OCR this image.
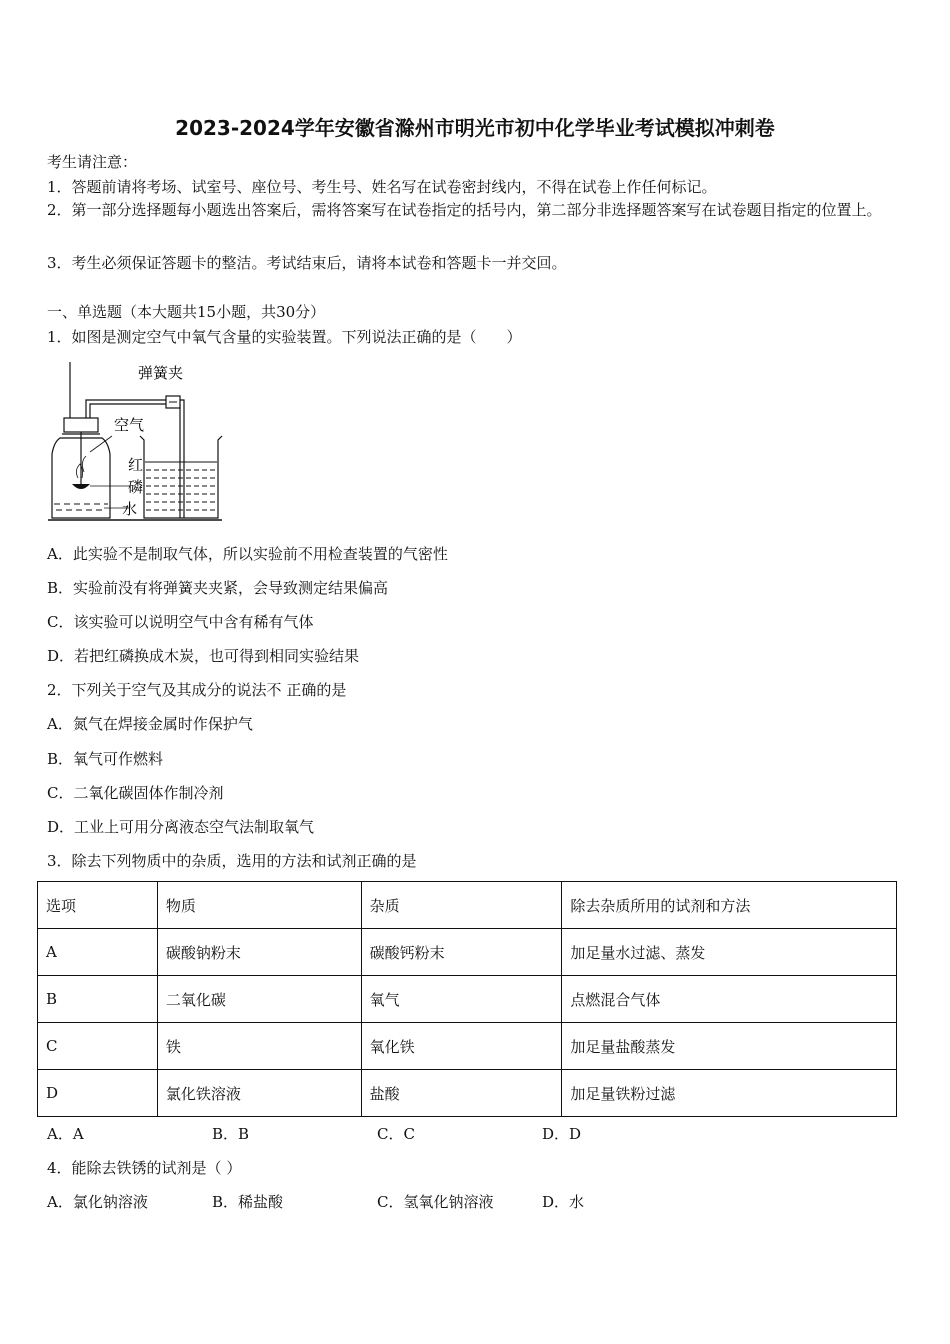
2023-2024学年安徽省滁州市明光市初中化学毕业考试模拟冲刺卷
考生请注意：
1．答题前请将考场、试室号、座位号、考生号、姓名写在试卷密封线内，不得在试卷上作任何标记。
2．第一部分选择题每小题选出答案后，需将答案写在试卷指定的括号内，第二部分非选择题答案写在试卷题目指定的位置上。
3．考生必须保证答题卡的整洁。考试结束后，请将本试卷和答题卡一并交回。
一、单选题（本大题共15小题，共30分）
1．如图是测定空气中氧气含量的实验装置。下列说法正确的是（　　）
弹簧夹
空气
红
磷
水
A．此实验不是制取气体，所以实验前不用检查装置的气密性
B．实验前没有将弹簧夹夹紧，会导致测定结果偏高
C．该实验可以说明空气中含有稀有气体
D．若把红磷换成木炭，也可得到相同实验结果
2．下列关于空气及其成分的说法不 正确的是
A．氮气在焊接金属时作保护气
B．氧气可作燃料
C．二氧化碳固体作制冷剂
D．工业上可用分离液态空气法制取氧气
3．除去下列物质中的杂质，选用的方法和试剂正确的是
选项	物质	杂质	除去杂质所用的试剂和方法
A	碳酸钠粉末	碳酸钙粉末	加足量水过滤、蒸发
B	二氧化碳	氧气	点燃混合气体
C	铁	氧化铁	加足量盐酸蒸发
D	氯化铁溶液	盐酸	加足量铁粉过滤
A．A	B．B	C．C	D．D
4．能除去铁锈的试剂是（ ）
A．氯化钠溶液	B．稀盐酸	C．氢氧化钠溶液	D．水
